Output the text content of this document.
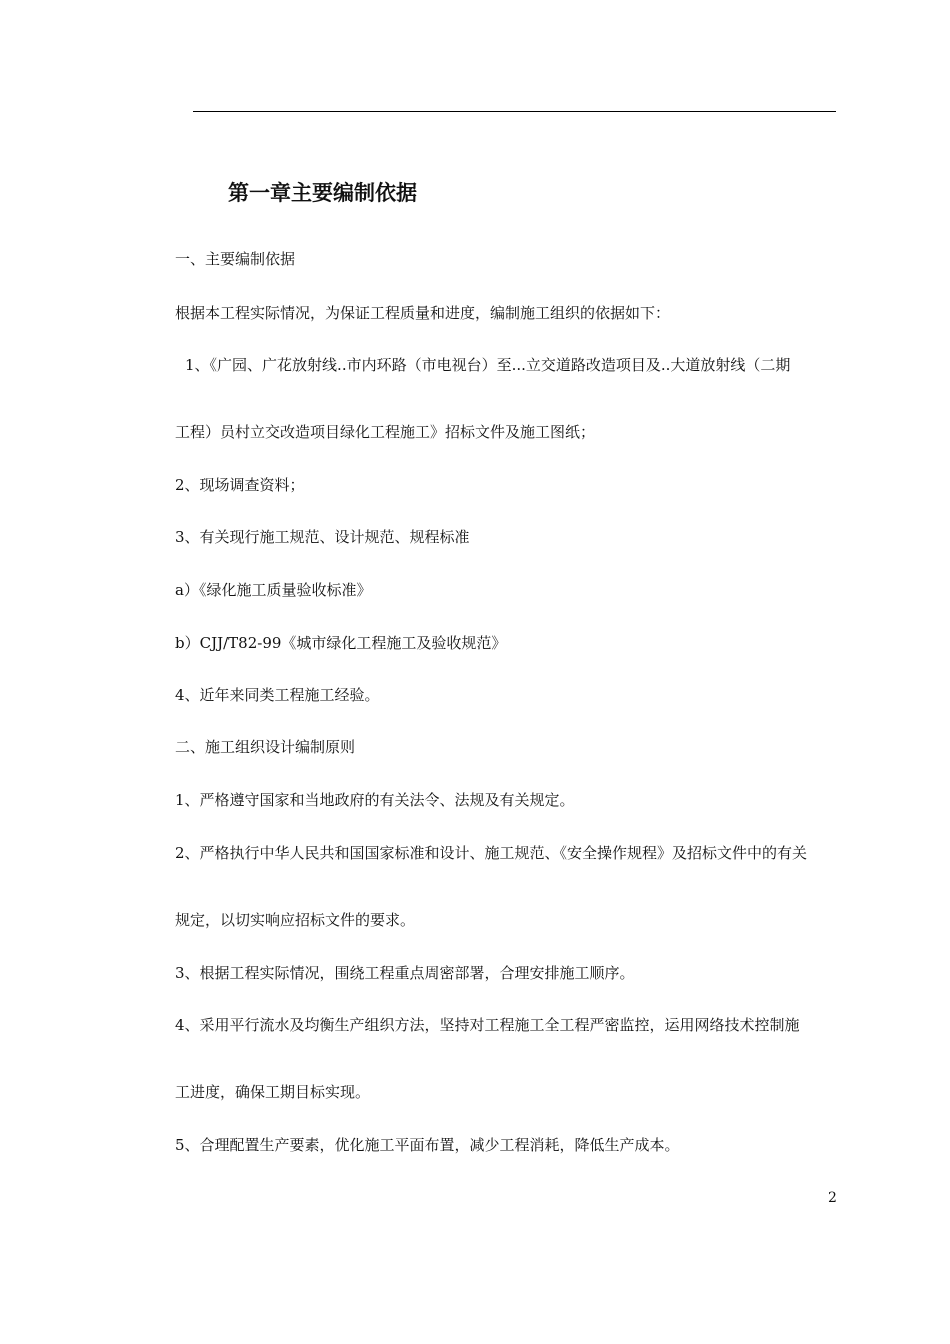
第一章主要编制依据
一、主要编制依据
根据本工程实际情况，为保证工程质量和进度，编制施工组织的依据如下：
1、《广园、广花放射线..市内环路（市电视台）至...立交道路改造项目及..大道放射线（二期
工程）员村立交改造项目绿化工程施工》招标文件及施工图纸；
2、现场调查资料；
3、有关现行施工规范、设计规范、规程标准
a）《绿化施工质量验收标准》
b）CJJ/T82-99《城市绿化工程施工及验收规范》
4、近年来同类工程施工经验。
二、施工组织设计编制原则
1、严格遵守国家和当地政府的有关法令、法规及有关规定。
2、严格执行中华人民共和国国家标准和设计、施工规范、《安全操作规程》及招标文件中的有关
规定，以切实响应招标文件的要求。
3、根据工程实际情况，围绕工程重点周密部署，合理安排施工顺序。
4、采用平行流水及均衡生产组织方法，坚持对工程施工全工程严密监控，运用网络技术控制施
工进度，确保工期目标实现。
5、合理配置生产要素，优化施工平面布置，减少工程消耗，降低生产成本。
2
